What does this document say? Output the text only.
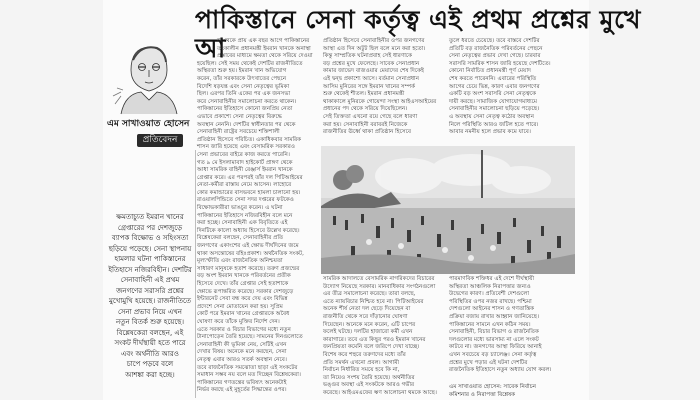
পাকিস্তানে সেনা কর্তৃত্ব এই প্রথম প্রশ্নের মুখে
এম সাখাওয়াত হোসেন
প্রতিবেদন

ক্ষমতাচ্যুত ইমরান খানের

গ্রেপ্তারের পর দেশজুড়ে

ব্যাপক বিক্ষোভ ও সহিংসতা

ছড়িয়ে পড়েছে। সেনা স্থাপনায়

হামলার ঘটনা পাকিস্তানের

ইতিহাসে নজিরবিহীন। দেশটির

সেনাবাহিনী এই প্রথম

জনগণের সরাসরি প্রশ্নের

মুখোমুখি হয়েছে। রাজনীতিতে

সেনা প্রভাব নিয়ে এখন

নতুন বিতর্ক শুরু হয়েছে।

বিশ্লেষকেরা বলছেন, এই

সংকট দীর্ঘস্থায়ী হতে পারে

এবং অর্থনীতি আরও

চাপে পড়বে বলে

আশঙ্কা করা হচ্ছে।

আ

জ থেকে প্রায় এক বছর আগে পাকিস্তানের

তৎকালীন প্রধানমন্ত্রী ইমরান খানকে অনাস্থা

প্রস্তাবের মাধ্যমে ক্ষমতা থেকে সরিয়ে দেওয়া

হয়েছিল। সেই সময় থেকেই দেশটির রাজনীতিতে

অস্থিরতা শুরু হয়। ইমরান খান অভিযোগ

করেন, তাঁর সরকারকে উৎখাতের পেছনে

বিদেশি ষড়যন্ত্র এবং সেনা নেতৃত্বের ভূমিকা

ছিল। এরপর তিনি একের পর এক জনসভা

করে সেনাবাহিনীর সমালোচনা করতে থাকেন।

পাকিস্তানের ইতিহাসে কোনো জনপ্রিয় নেতা

এভাবে প্রকাশ্যে সেনা নেতৃত্বের বিরুদ্ধে

অবস্থান নেননি। দেশটির স্বাধীনতার পর থেকে

সেনাবাহিনী রাষ্ট্রের সবচেয়ে শক্তিশালী

প্রতিষ্ঠান হিসেবে পরিচিত। একাধিকবার সামরিক

শাসন জারি হয়েছে এবং বেসামরিক সরকারও

সেনা প্রভাবের বাইরে কাজ করতে পারেনি।

গত ৯ মে ইসলামাবাদ হাইকোর্ট প্রাঙ্গণ থেকে

আধা সামরিক বাহিনী রেঞ্জার্স ইমরান খানকে

গ্রেপ্তার করে। এর পরপরই তাঁর দল পিটিআইয়ের

নেতা-কর্মীরা রাস্তায় নেমে আসেন। লাহোরে

কোর কমান্ডারের বাসভবনে হামলা চালানো হয়।

রাওয়ালপিন্ডিতে সেনা সদর দপ্তরের ফটকেও

বিক্ষোভকারীরা ভাঙচুর করেন। এ ঘটনা

পাকিস্তানের ইতিহাসে নজিরবিহীন বলে মনে

করা হচ্ছে। সেনাবাহিনী এক বিবৃতিতে এই

দিনটিকে কালো অধ্যায় হিসেবে উল্লেখ করেছে।

বিশ্লেষকেরা বলছেন, সেনাবাহিনীর প্রতি

জনগণের একাংশের এই ক্ষোভ দীর্ঘদিনের জমে

থাকা অসন্তোষের বহিঃপ্রকাশ। অর্থনৈতিক সংকট,

মূল্যস্ফীতি এবং রাজনৈতিক অনিশ্চয়তা

সাধারণ মানুষকে হতাশ করেছে। তরুণ প্রজন্মের

বড় অংশ ইমরান খানকে পরিবর্তনের প্রতীক

হিসেবে দেখে। তাঁর গ্রেপ্তার সেই হতাশাকে

ক্ষোভে রূপান্তরিত করেছে। সরকার দেশজুড়ে

ইন্টারনেট সেবা বন্ধ করে দেয় এবং বিভিন্ন

প্রদেশে সেনা মোতায়েন করা হয়। সুপ্রিম

কোর্ট পরে ইমরান খানের গ্রেপ্তারকে অবৈধ

ঘোষণা করে তাঁকে মুক্তির নির্দেশ দেন।

এতে সরকার ও বিচার বিভাগের মধ্যে নতুন

টানাপোড়েন তৈরি হয়েছে। সামনের দিনগুলোতে

সেনাবাহিনী কী ভূমিকা নেয়, সেটিই এখন

দেখার বিষয়। অনেকে মনে করছেন, সেনা

নেতৃত্ব এবার আরও সতর্ক অবস্থান নেবে।

তবে রাজনৈতিক সমঝোতা ছাড়া এই সংকটের

সমাধান সম্ভব নয় বলে মত দিচ্ছেন বিশ্লেষকেরা।

পাকিস্তানের গণতন্ত্রের ভবিষ্যৎ অনেকটাই

নির্ভর করছে এই মুহূর্তের সিদ্ধান্তের ওপর।

প্রতিষ্ঠান হিসেবে সেনাবাহিনীর ওপর জনগণের

আস্থা এত দিন অটুট ছিল বলে মনে করা হতো।

কিন্তু সাম্প্রতিক ঘটনাপ্রবাহ সেই ধারণাকে

বড় প্রশ্নের মুখে ফেলেছে। সাবেক সেনাপ্রধান

কামার জাভেদ বাজওয়ার মেয়াদের শেষ দিকেই

এই দ্বন্দ্ব প্রকাশ্যে আসে। বর্তমান সেনাপ্রধান

আসিম মুনিরের সঙ্গে ইমরান খানের সম্পর্ক

শুরু থেকেই শীতল। ইমরান প্রধানমন্ত্রী

থাকাকালে মুনিরকে গোয়েন্দা সংস্থা আইএসআইয়ের

প্রধানের পদ থেকে সরিয়ে দিয়েছিলেন।

সেই তিক্ততা এখনো রয়ে গেছে বলে ধারণা

করা হয়। সেনাবাহিনী বরাবরই নিজেকে

রাজনীতির ঊর্ধ্বে থাকা প্রতিষ্ঠান হিসেবে

তুলে ধরতে চেয়েছে। তবে বাস্তবে দেশটির

প্রতিটি বড় রাজনৈতিক পরিবর্তনের পেছনে

সেনা নেতৃত্বের প্রভাব দেখা গেছে। চারবার

সরাসরি সামরিক শাসন জারি হয়েছে দেশটিতে।

কোনো নির্বাচিত প্রধানমন্ত্রী পূর্ণ মেয়াদ

শেষ করতে পারেননি। এবারের পরিস্থিতি

আগের চেয়ে ভিন্ন, কারণ এবার জনগণের

একটি বড় অংশ সরাসরি সেনা নেতৃত্বকে

দায়ী করছে। সামাজিক যোগাযোগমাধ্যমে

সেনাবাহিনীর সমালোচনা ছড়িয়ে পড়েছে।

এ অবস্থায় সেনা নেতৃত্ব কঠোর অবস্থান

নিলে পরিস্থিতি আরও জটিল হতে পারে।

আবার নমনীয় হলে প্রভাব কমে যাবে।

সামরিক আদালতে বেসামরিক নাগরিকদের বিচারের

উদ্যোগ নিয়েছে সরকার। মানবাধিকার সংগঠনগুলো

এর তীব্র সমালোচনা করেছে। তারা বলছে,

এতে ন্যায়বিচার নিশ্চিত হবে না। পিটিআইয়ের

অনেক শীর্ষ নেতা দল ছেড়ে দিয়েছেন বা

রাজনীতি থেকে সরে দাঁড়ানোর ঘোষণা

দিয়েছেন। অনেকে মনে করেন, এটি চাপের

ফলেই ঘটছে। দলটির হাজারো কর্মী এখন

কারাগারে। তবে এত কিছুর পরও ইমরান খানের

জনপ্রিয়তা কমেনি বলে জরিপে দেখা যাচ্ছে।

বিশেষ করে শহুরে তরুণদের মধ্যে তাঁর

প্রতি সমর্থন এখনো প্রবল। আগামী

নির্বাচন নির্ধারিত সময়ে হবে কি না,

তা নিয়েও সংশয় তৈরি হয়েছে। অর্থনীতির

ভঙ্গুর অবস্থা এই সংকটকে আরও গভীর

করেছে। আইএমএফের ঋণ আলোচনা থমকে আছে।

পারমাণবিক শক্তিধর এই দেশে দীর্ঘস্থায়ী

অস্থিরতা আঞ্চলিক নিরাপত্তার জন্যও

উদ্বেগের কারণ। প্রতিবেশী দেশগুলো

পরিস্থিতির ওপর নজর রাখছে। পশ্চিমা

দেশগুলো আইনের শাসন ও গণতান্ত্রিক

প্রক্রিয়া বজায় রাখার আহ্বান জানিয়েছে।

পাকিস্তানের সামনে এখন কঠিন সময়।

সেনাবাহিনী, বিচার বিভাগ ও রাজনৈতিক

দলগুলোর মধ্যে ভারসাম্য না এলে সংকট

কাটবে না। জনগণের আস্থা ফিরিয়ে আনাই

এখন সবচেয়ে বড় চ্যালেঞ্জ। সেনা কর্তৃত্ব

প্রশ্নের মুখে পড়ার এই ঘটনা দেশটির

রাজনৈতিক ইতিহাসে নতুন অধ্যায় যোগ করল।

এম সাখাওয়াত হোসেন: সাবেক নির্বাচন

কমিশনার ও নিরাপত্তা বিশ্লেষক
